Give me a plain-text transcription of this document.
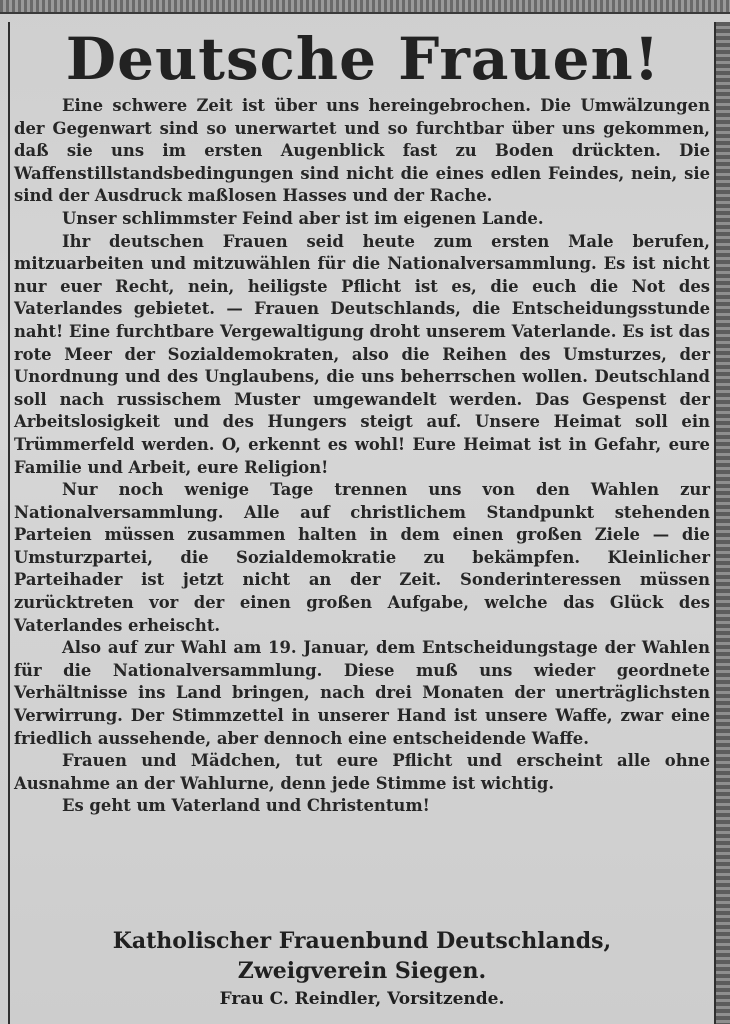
Deutsche Frauen!

Eine schwere Zeit ist über uns hereingebrochen. Die Umwälzungen der Gegenwart sind so unerwartet und so furchtbar über uns gekommen, daß sie uns im ersten Augenblick fast zu Boden drückten. Die Waffenstillstandsbedingungen sind nicht die eines edlen Feindes, nein, sie sind der Ausdruck maßlosen Hasses und der Rache.

Unser schlimmster Feind aber ist im eigenen Lande.

Ihr deutschen Frauen seid heute zum ersten Male berufen, mitzuarbeiten und mitzuwählen für die Nationalversammlung. Es ist nicht nur euer Recht, nein, heiligste Pflicht ist es, die euch die Not des Vaterlandes gebietet. — Frauen Deutschlands, die Entscheidungsstunde naht! Eine furchtbare Vergewaltigung droht unserem Vaterlande. Es ist das rote Meer der Sozialdemokraten, also die Reihen des Umsturzes, der Unordnung und des Unglaubens, die uns beherrschen wollen. Deutschland soll nach russischem Muster umgewandelt werden. Das Gespenst der Arbeitslosigkeit und des Hungers steigt auf. Unsere Heimat soll ein Trümmerfeld werden. O, erkennt es wohl! Eure Heimat ist in Gefahr, eure Familie und Arbeit, eure Religion!

Nur noch wenige Tage trennen uns von den Wahlen zur Nationalversammlung. Alle auf christlichem Standpunkt stehenden Parteien müssen zusammen halten in dem einen großen Ziele — die Umsturzpartei, die Sozialdemokratie zu bekämpfen. Kleinlicher Parteihader ist jetzt nicht an der Zeit. Sonderinteressen müssen zurücktreten vor der einen großen Aufgabe, welche das Glück des Vaterlandes erheischt.

Also auf zur Wahl am 19. Januar, dem Entscheidungstage der Wahlen für die Nationalversammlung. Diese muß uns wieder geordnete Verhältnisse ins Land bringen, nach drei Monaten der unerträglichsten Verwirrung. Der Stimmzettel in unserer Hand ist unsere Waffe, zwar eine friedlich aussehende, aber dennoch eine entscheidende Waffe.

Frauen und Mädchen, tut eure Pflicht und erscheint alle ohne Ausnahme an der Wahlurne, denn jede Stimme ist wichtig.

Es geht um Vaterland und Christentum!

Katholischer Frauenbund Deutschlands,
Zweigverein Siegen.
Frau C. Reindler, Vorsitzende.
